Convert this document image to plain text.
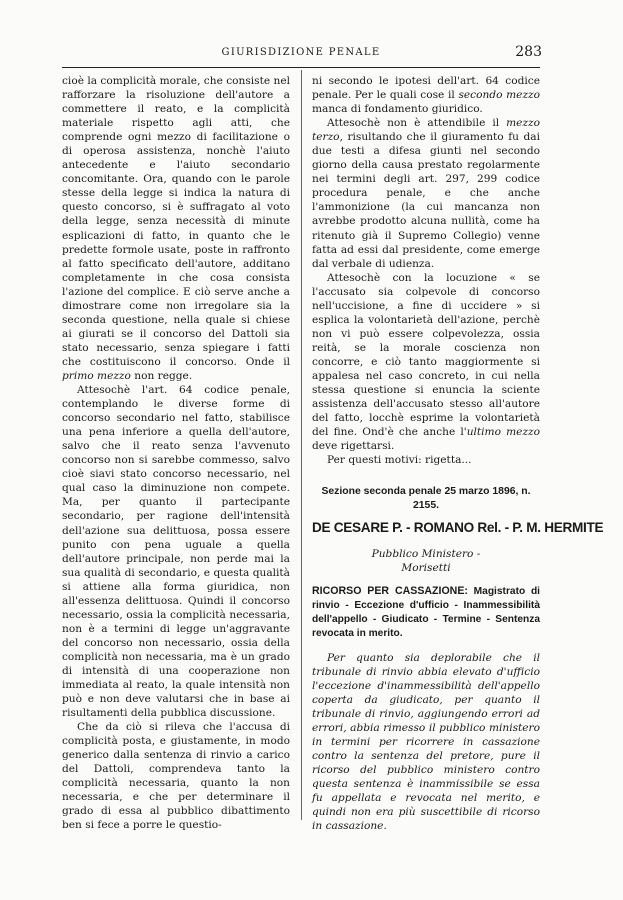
GIURISDIZIONE PENALE	283

cioè la complicità morale, che consiste nel rafforzare la risoluzione dell'autore a commettere il reato, e la complicità materiale rispetto agli atti, che comprende ogni mezzo di facilitazione o di operosa assistenza, nonchè l'aiuto antecedente e l'aiuto secondario concomitante. Ora, quando con le parole stesse della legge si indica la natura di questo concorso, si è suffragato al voto della legge, senza necessità di minute esplicazioni di fatto, in quanto che le predette formole usate, poste in raffronto al fatto specificato dell'autore, additano completamente in che cosa consista l'azione del complice. E ciò serve anche a dimostrare come non irregolare sia la seconda questione, nella quale si chiese ai giurati se il concorso del Dattoli sia stato necessario, senza spiegare i fatti che costituiscono il concorso. Onde il primo mezzo non regge.

Attesochè l'art. 64 codice penale, contemplando le diverse forme di concorso secondario nel fatto, stabilisce una pena inferiore a quella dell'autore, salvo che il reato senza l'avvenuto concorso non si sarebbe commesso, salvo cioè siavi stato concorso necessario, nel qual caso la diminuzione non compete. Ma, per quanto il partecipante secondario, per ragione dell'intensità dell'azione sua delittuosa, possa essere punito con pena uguale a quella dell'autore principale, non perde mai la sua qualità di secondario, e questa qualità si attiene alla forma giuridica, non all'essenza delittuosa. Quindi il concorso necessario, ossia la complicità necessaria, non è a termini di legge un'aggravante del concorso non necessario, ossia della complicità non necessaria, ma è un grado di intensità di una cooperazione non immediata al reato, la quale intensità non può e non deve valutarsi che in base ai risultamenti della pubblica discussione.

Che da ciò si rileva che l'accusa di complicità posta, e giustamente, in modo generico dalla sentenza di rinvio a carico del Dattoli, comprendeva tanto la complicità necessaria, quanto la non necessaria, e che per determinare il grado di essa al pubblico dibattimento ben si fece a porre le questio-

ni secondo le ipotesi dell'art. 64 codice penale. Per le quali cose il secondo mezzo manca di fondamento giuridico.

Attesochè non è attendibile il mezzo terzo, risultando che il giuramento fu dai due testi a difesa giunti nel secondo giorno della causa prestato regolarmente nei termini degli art. 297, 299 codice procedura penale, e che anche l'ammonizione (la cui mancanza non avrebbe prodotto alcuna nullità, come ha ritenuto già il Supremo Collegio) venne fatta ad essi dal presidente, come emerge dal verbale di udienza.

Attesochè con la locuzione « se l'accusato sia colpevole di concorso nell'uccisione, a fine di uccidere » si esplica la volontarietà dell'azione, perchè non vi può essere colpevolezza, ossia reità, se la morale coscienza non concorre, e ciò tanto maggiormente si appalesa nel caso concreto, in cui nella stessa questione si enuncia la sciente assistenza dell'accusato stesso all'autore del fatto, locchè esprime la volontarietà del fine. Ond'è che anche l'ultimo mezzo deve rigettarsi.

Per questi motivi: rigetta...

Sezione seconda penale 25 marzo 1896, n. 2155.

DE CESARE P. - ROMANO Rel. - P. M. HERMITE

Pubblico Ministero -

Morisetti

RICORSO PER CASSAZIONE: Magistrato di rinvio - Eccezione d'ufficio - Inammessibilità dell'appello - Giudicato - Termine - Sentenza revocata in merito.

Per quanto sia deplorabile che il tribunale di rinvio abbia elevato d'ufficio l'eccezione d'inammessibilità dell'appello coperta da giudicato, per quanto il tribunale di rinvio, aggiungendo errori ad errori, abbia rimesso il pubblico ministero in termini per ricorrere in cassazione contro la sentenza del pretore, pure il ricorso del pubblico ministero contro questa sentenza è inammissibile se essa fu appellata e revocata nel merito, e quindi non era più suscettibile di ricorso in cassazione.
